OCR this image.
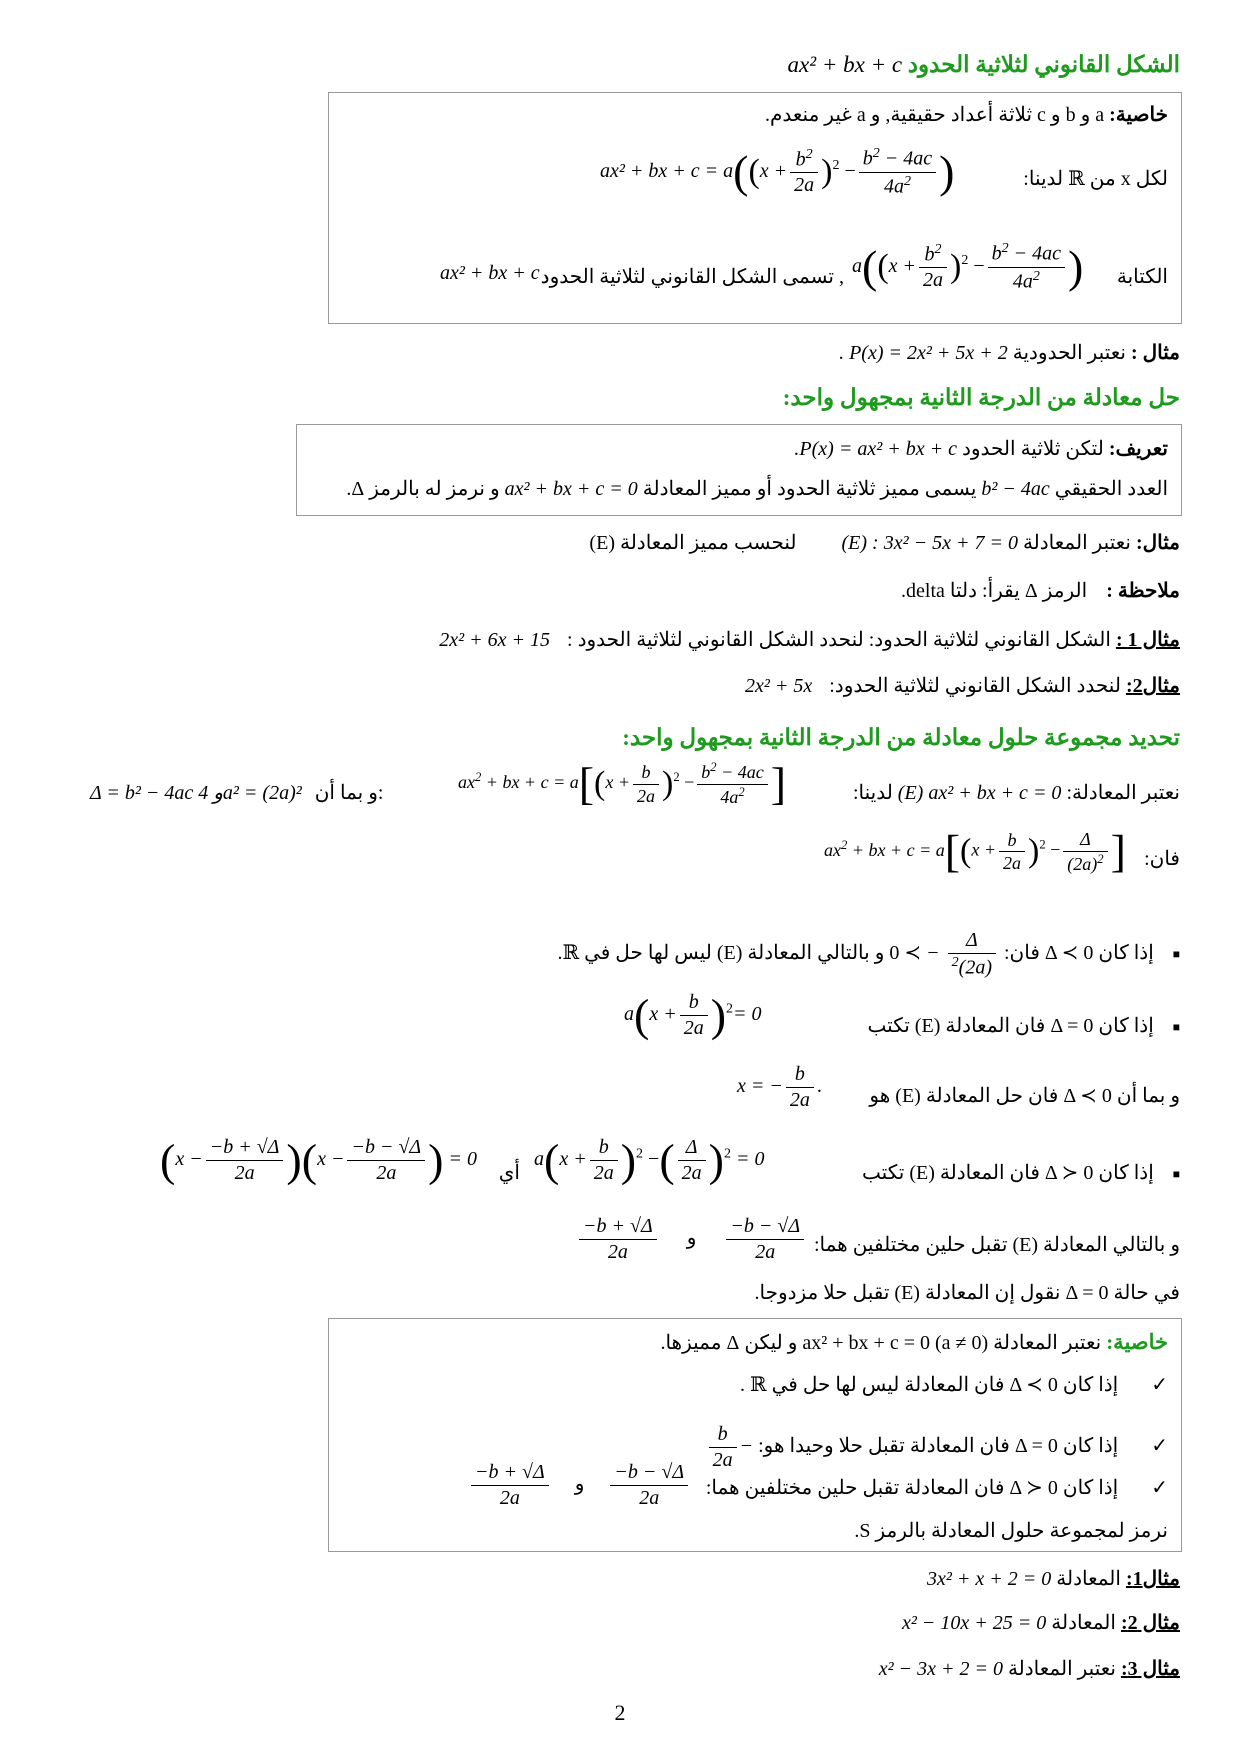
الشكل القانوني لثلاثية الحدود ax² + bx + c
خاصية: a و b و c ثلاثة أعداد حقيقية, و a غير منعدم.
لكل x من ℝ لدينا:
ax² + bx + $c = a((x + \frac{b^2}{2a} )^2 - \frac{b^2 - 4ac}{4a^2}$ )
الكتابة
$a((x + \frac{b^2}{2a} )^2 - \frac{b^2 - 4ac}{4a^2}$ )
, تسمى الشكل القانوني لثلاثية الحدود
ax² + bx + c .
مثال : نعتبر الحدودية . P(x) = 2x² + 5x + 2
حل معادلة من الدرجة الثانية بمجهول واحد:
تعريف: لتكن ثلاثية الحدود .P(x) = ax² + bx + c
العدد الحقيقي b² − 4ac يسمى مميز ثلاثية الحدود أو مميز المعادلة ax² + bx + c = 0 و نرمز له بالرمز Δ.
مثال: نعتبر المعادلة (E) : 3x² − 5x + 7 = 0 لنحسب مميز المعادلة (E)
ملاحظة : الرمز Δ يقرأ: دلتا delta.
مثال 1 : الشكل القانوني لثلاثية الحدود: لنحدد الشكل القانوني لثلاثية الحدود : 2x² + 6x + 15
مثال2: لنحدد الشكل القانوني لثلاثية الحدود: 2x² + 5x
تحديد مجموعة حلول معادلة من الدرجة الثانية بمجهول واحد:
نعتبر المعادلة: (E) ax² + bx + c = 0 لدينا:
$ax^2$ + bx + $c = a[(x + \frac{b}{2a} )^2 - \frac{b^2 - 4ac}{4a^2}$ ]
Δ = b² − 4ac و 4a² = (2a)² و بما أن:
فان:
$ax^2$ + bx + $c = a[(x + \frac{b}{2a} )^2 - \frac{\Delta}{(2a)^2}$ ]
■ إذا كان Δ ≺ 0 فان:
$\frac{\Delta}{(2a)^2}$
− ≻ 0 و بالتالي المعادلة (E) ليس لها حل في ℝ.
■ إذا كان Δ = 0 فان المعادلة (E) تكتب
$a(x + \frac{b}{2a} )^2= 0$
و بما أن Δ ≺ 0 فان حل المعادلة (E) هو
x = − $\frac{b}{2a}$ .
■ إذا كان Δ ≻ 0 فان المعادلة (E) تكتب
$a(x + \frac{b}{2a} )^2$ −( $\frac{\Delta}{2a} )^2 = 0$
أي
$(x - \frac{-b + √\Delta}{2a} )(x - \frac{-b - √\Delta}{2a}$ ) = 0
و بالتالي المعادلة (E) تقبل حلين مختلفين هما:
$\frac{-b + √\Delta}{2a}$ و $\frac{-b - √\Delta}{2a}$
في حالة Δ = 0 نقول إن المعادلة (E) تقبل حلا مزدوجا.
خاصية: نعتبر المعادلة (a ≠ 0) ax² + bx + c = 0 و ليكن Δ مميزها.
✓ إذا كان Δ ≺ 0 فان المعادلة ليس لها حل في ℝ .
✓ إذا كان Δ = 0 فان المعادلة تقبل حلا وحيدا هو: −
$\frac{b}{2a}$
✓ إذا كان Δ ≻ 0 فان المعادلة تقبل حلين مختلفين هما:
$\frac{-b + √\Delta}{2a}$ و $\frac{-b - √\Delta}{2a}$
نرمز لمجموعة حلول المعادلة بالرمز S.
مثال1: المعادلة 3x² + x + 2 = 0
مثال 2: المعادلة x² − 10x + 25 = 0
مثال 3: نعتبر المعادلة x² − 3x + 2 = 0
2
